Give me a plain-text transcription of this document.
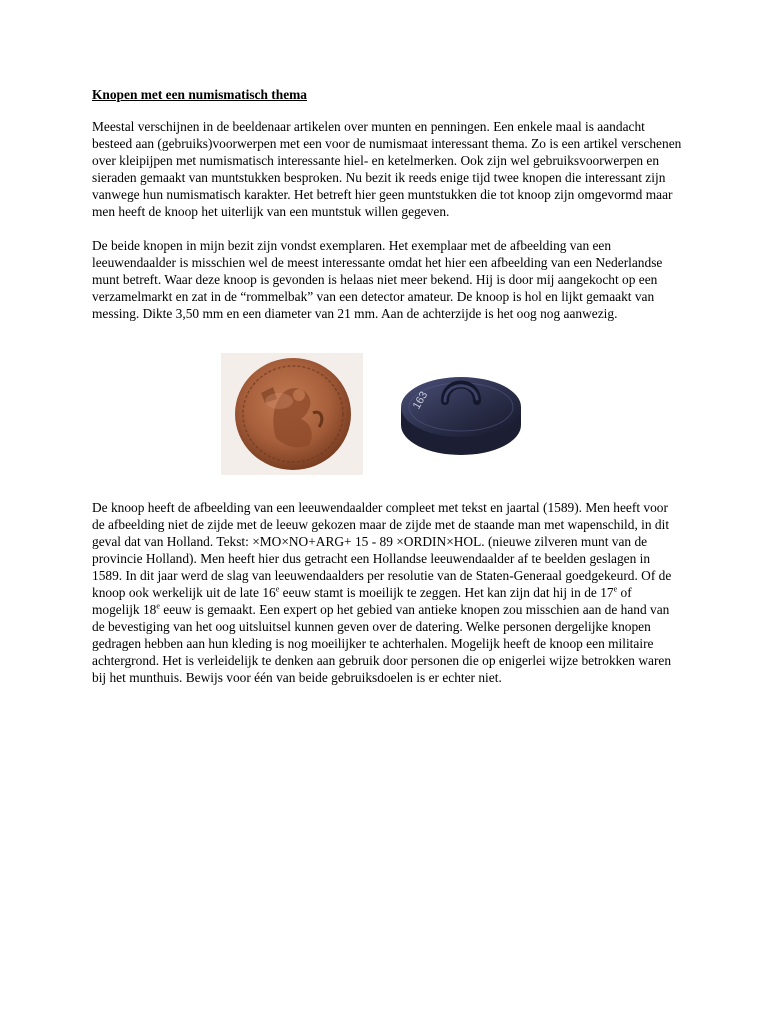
Knopen met een numismatisch thema

Meestal verschijnen in de beeldenaar artikelen over munten en penningen. Een enkele maal is aandacht besteed aan (gebruiks)voorwerpen met een voor de numismaat interessant thema. Zo is een artikel verschenen over kleipijpen met numismatisch interessante hiel- en ketelmerken. Ook zijn wel gebruiksvoorwerpen en sieraden gemaakt van muntstukken besproken. Nu bezit ik reeds enige tijd twee knopen die interessant zijn vanwege hun numismatisch karakter. Het betreft hier geen muntstukken die tot knoop zijn omgevormd maar men heeft de knoop het uiterlijk van een muntstuk willen gegeven.

De beide knopen in mijn bezit zijn vondst exemplaren. Het exemplaar met de afbeelding van een leeuwendaalder is misschien wel de meest interessante omdat het hier een afbeelding van een Nederlandse munt betreft. Waar deze knoop is gevonden is helaas niet meer bekend. Hij is door mij aangekocht op een verzamelmarkt en zat in de “rommelbak” van een detector amateur. De knoop is hol en lijkt gemaakt van messing. Dikte 3,50 mm en een diameter van 21 mm. Aan de achterzijde is het oog nog aanwezig.

163

De knoop heeft de afbeelding van een leeuwendaalder compleet met tekst en jaartal (1589). Men heeft voor de afbeelding niet de zijde met de leeuw gekozen maar de zijde met de staande man met wapenschild, in dit geval dat van Holland. Tekst: ×MO×NO+ARG+ 15 - 89 ×ORDIN×HOL. (nieuwe zilveren munt van de provincie Holland). Men heeft hier dus getracht een Hollandse leeuwendaalder af te beelden geslagen in 1589. In dit jaar werd de slag van leeuwendaalders per resolutie van de Staten-Generaal goedgekeurd. Of de knoop ook werkelijk uit de late 16e eeuw stamt is moeilijk te zeggen. Het kan zijn dat hij in de 17e of mogelijk 18e eeuw is gemaakt. Een expert op het gebied van antieke knopen zou misschien aan de hand van de bevestiging van het oog uitsluitsel kunnen geven over de datering. Welke personen dergelijke knopen gedragen hebben aan hun kleding is nog moeilijker te achterhalen. Mogelijk heeft de knoop een militaire achtergrond. Het is verleidelijk te denken aan gebruik door personen die op enigerlei wijze betrokken waren bij het munthuis. Bewijs voor één van beide gebruiksdoelen is er echter niet.
